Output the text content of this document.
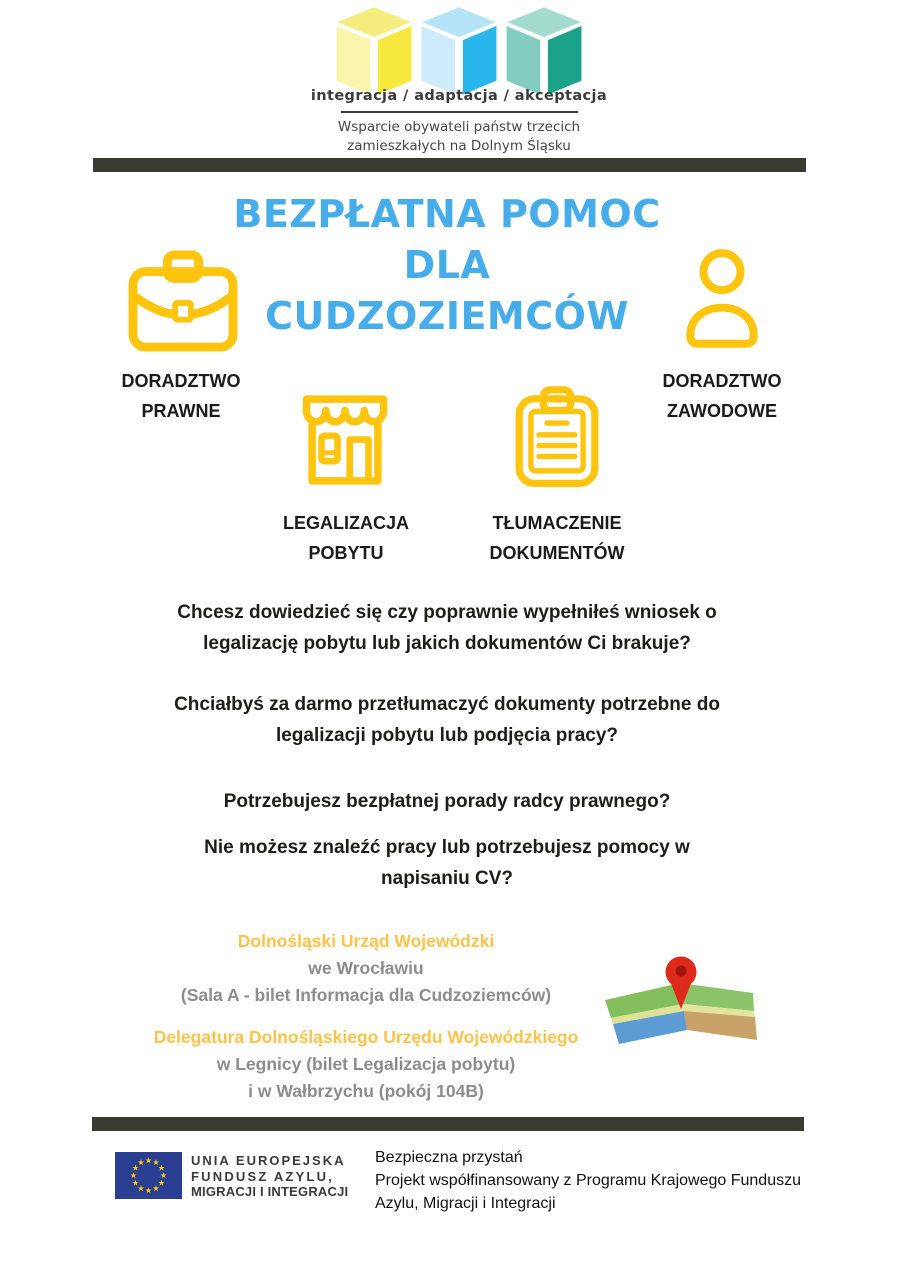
integracja / adaptacja / akceptacja
Wsparcie obywateli państw trzecich
zamieszkałych na Dolnym Śląsku
BEZPŁATNA POMOC
DLA
CUDZOZIEMCÓW
DORADZTWO
PRAWNE
DORADZTWO
ZAWODOWE
LEGALIZACJA
POBYTU
TŁUMACZENIE
DOKUMENTÓW
Chcesz dowiedzieć się czy poprawnie wypełniłeś wniosek o legalizację pobytu lub jakich dokumentów Ci brakuje?
Chciałbyś za darmo przetłumaczyć dokumenty potrzebne do legalizacji pobytu lub podjęcia pracy?
Potrzebujesz bezpłatnej porady radcy prawnego?
Nie możesz znaleźć pracy lub potrzebujesz pomocy w napisaniu CV?
Dolnośląski Urząd Wojewódzki
we Wrocławiu
(Sala A - bilet Informacja dla Cudzoziemców)
Delegatura Dolnośląskiego Urzędu Wojewódzkiego
w Legnicy (bilet Legalizacja pobytu)
i w Wałbrzychu (pokój 104B)
UNIA EUROPEJSKA
FUNDUSZ AZYLU,
MIGRACJI I INTEGRACJI
Bezpieczna przystań
Projekt współfinansowany z Programu Krajowego Funduszu
Azylu, Migracji i Integracji
